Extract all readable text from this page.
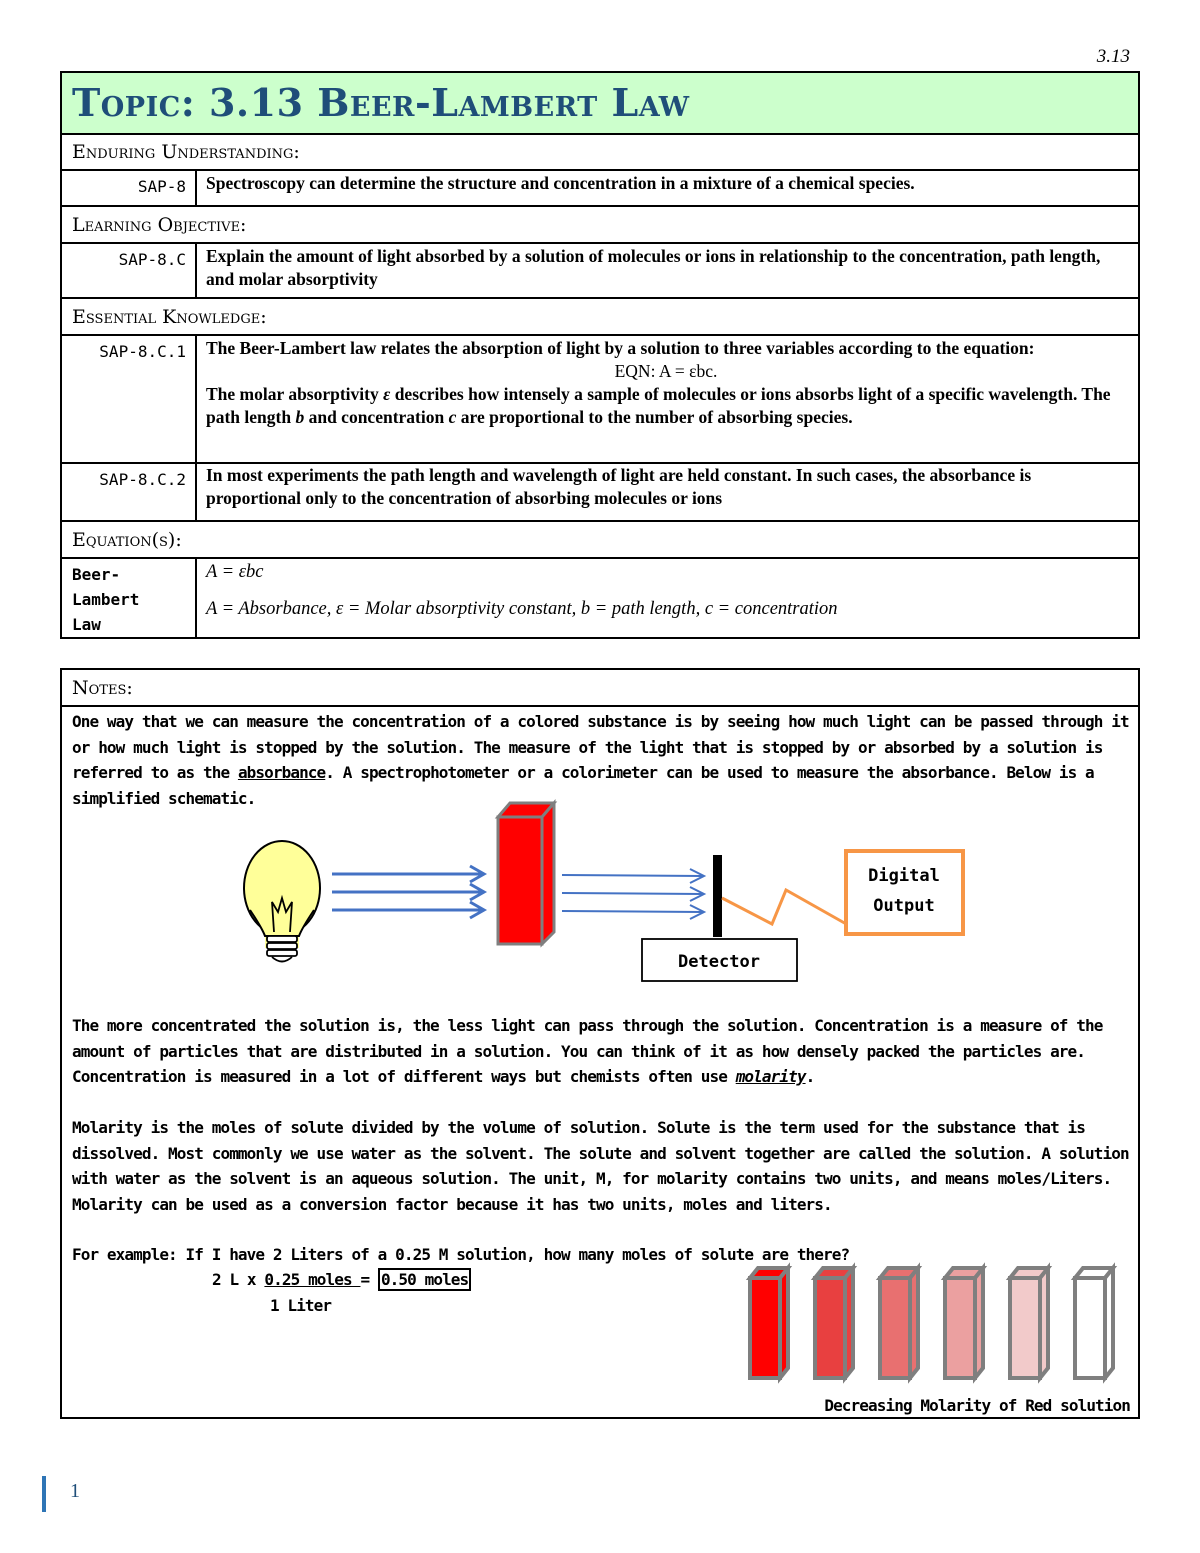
3.13
Topic: 3.13 Beer-Lambert Law
Enduring Understanding:
SAP-8 Spectroscopy can determine the structure and concentration in a mixture of a chemical species.
Learning Objective:
SAP-8.C Explain the amount of light absorbed by a solution of molecules or ions in relationship to the concentration, path length, and molar absorptivity
Essential Knowledge:
SAP-8.C.1 The Beer-Lambert law relates the absorption of light by a solution to three variables according to the equation:
EQN: A = εbc.
The molar absorptivity ε describes how intensely a sample of molecules or ions absorbs light of a specific wavelength. The path length b and concentration c are proportional to the number of absorbing species.
SAP-8.C.2 In most experiments the path length and wavelength of light are held constant. In such cases, the absorbance is proportional only to the concentration of absorbing molecules or ions
Equation(s):
Beer-
Lambert
Law
A = εbc
A = Absorbance, ε = Molar absorptivity constant, b = path length, c = concentration
Notes:
One way that we can measure the concentration of a colored substance is by seeing how much light can be passed through it or how much light is stopped by the solution. The measure of the light that is stopped by or absorbed by a solution is referred to as the absorbance. A spectrophotometer or a colorimeter can be used to measure the absorbance. Below is a simplified schematic.
Detector
Digital
Output
The more concentrated the solution is, the less light can pass through the solution. Concentration is a measure of the amount of particles that are distributed in a solution. You can think of it as how densely packed the particles are. Concentration is measured in a lot of different ways but chemists often use molarity.
Molarity is the moles of solute divided by the volume of solution. Solute is the term used for the substance that is dissolved. Most commonly we use water as the solvent. The solute and solvent together are called the solution. A solution with water as the solvent is an aqueous solution. The unit, M, for molarity contains two units, and means moles/Liters. Molarity can be used as a conversion factor because it has two units, moles and liters.
For example: If I have 2 Liters of a 0.25 M solution, how many moles of solute are there?
2 L x 0.25 moles = 0.50 moles
1 Liter
Decreasing Molarity of Red solution
1
